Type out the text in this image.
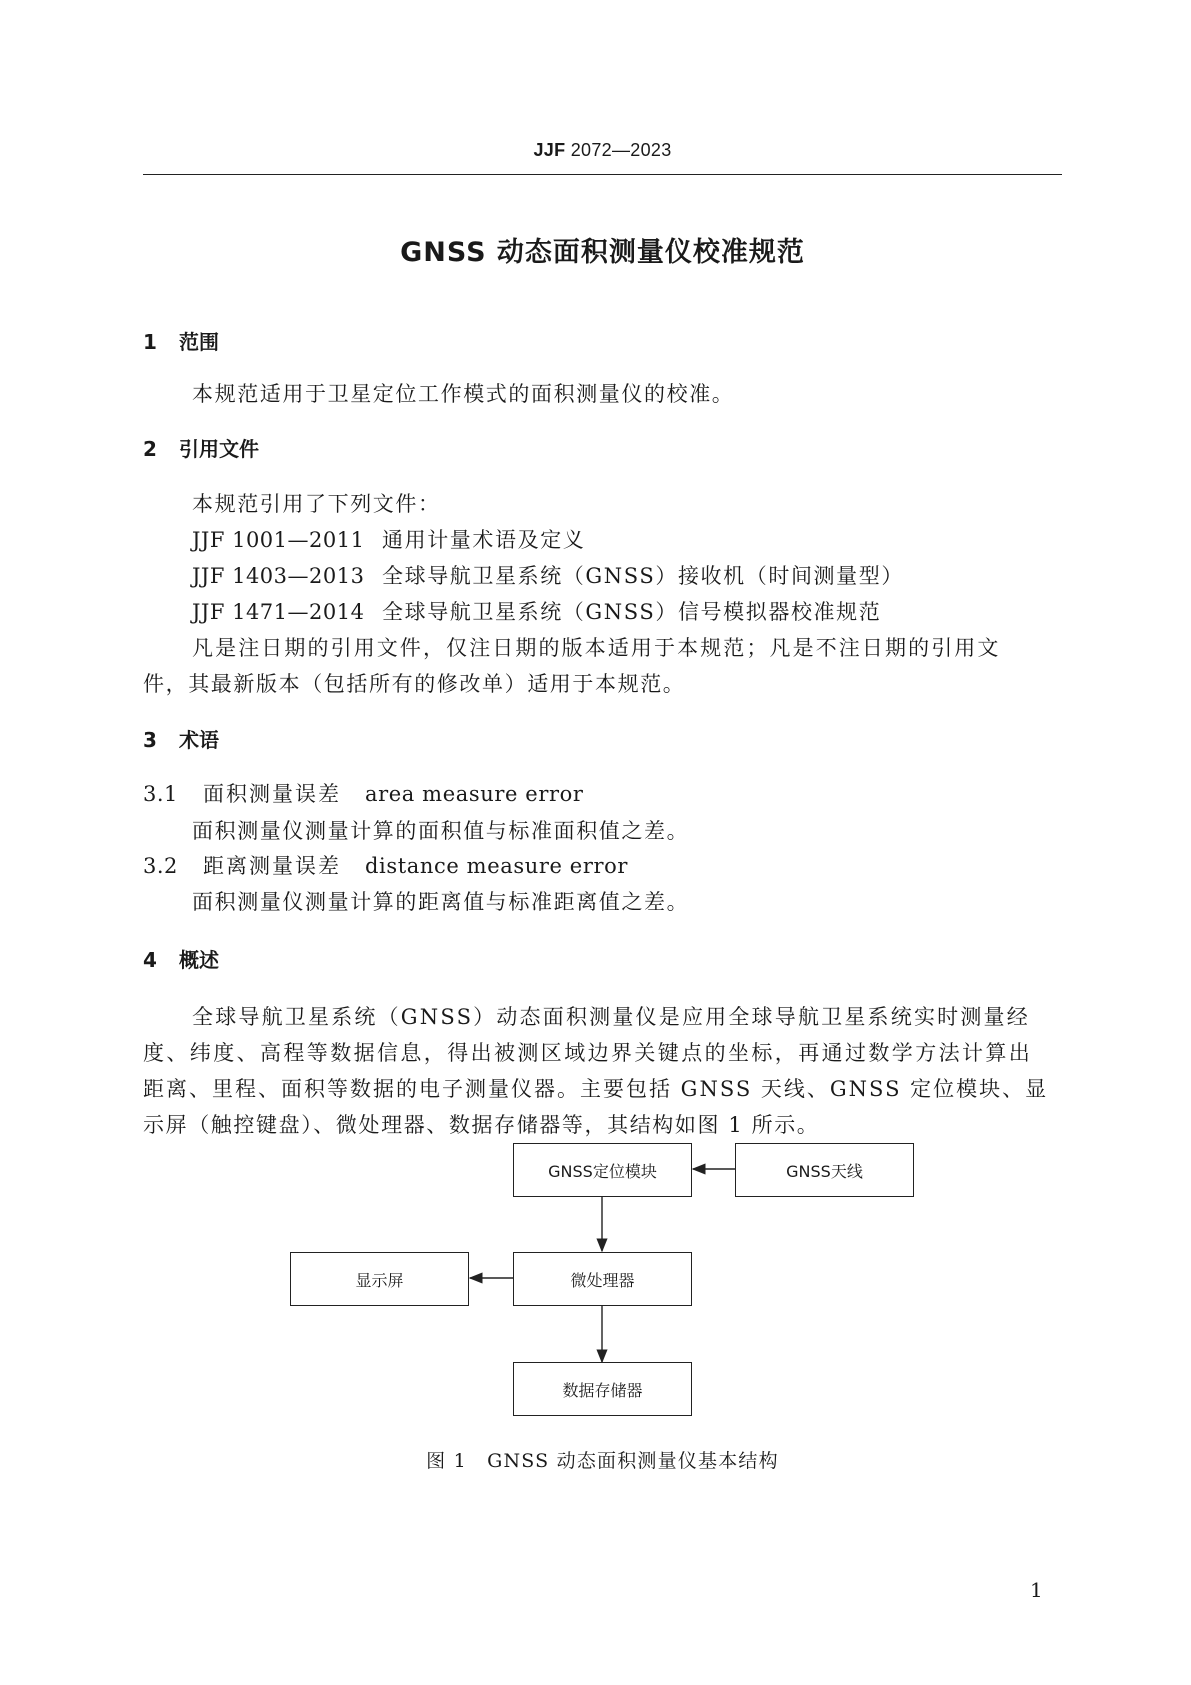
JJF 2072—2023
GNSS 动态面积测量仪校准规范
1 范围
本规范适用于卫星定位工作模式的面积测量仪的校准。
2 引用文件
本规范引用了下列文件：
JJF 1001—2011 通用计量术语及定义
JJF 1403—2013 全球导航卫星系统（GNSS）接收机（时间测量型）
JJF 1471—2014 全球导航卫星系统（GNSS）信号模拟器校准规范
凡是注日期的引用文件，仅注日期的版本适用于本规范；凡是不注日期的引用文
件，其最新版本（包括所有的修改单）适用于本规范。
3 术语
3.1 面积测量误差 area measure error
面积测量仪测量计算的面积值与标准面积值之差。
3.2 距离测量误差 distance measure error
面积测量仪测量计算的距离值与标准距离值之差。
4 概述
全球导航卫星系统（GNSS）动态面积测量仪是应用全球导航卫星系统实时测量经
度、纬度、高程等数据信息，得出被测区域边界关键点的坐标，再通过数学方法计算出
距离、里程、面积等数据的电子测量仪器。主要包括 GNSS 天线、GNSS 定位模块、显
示屏（触控键盘）、微处理器、数据存储器等，其结构如图 1 所示。
GNSS定位模块	GNSS天线
显示屏	微处理器
数据存储器
图 1　GNSS 动态面积测量仪基本结构
1
